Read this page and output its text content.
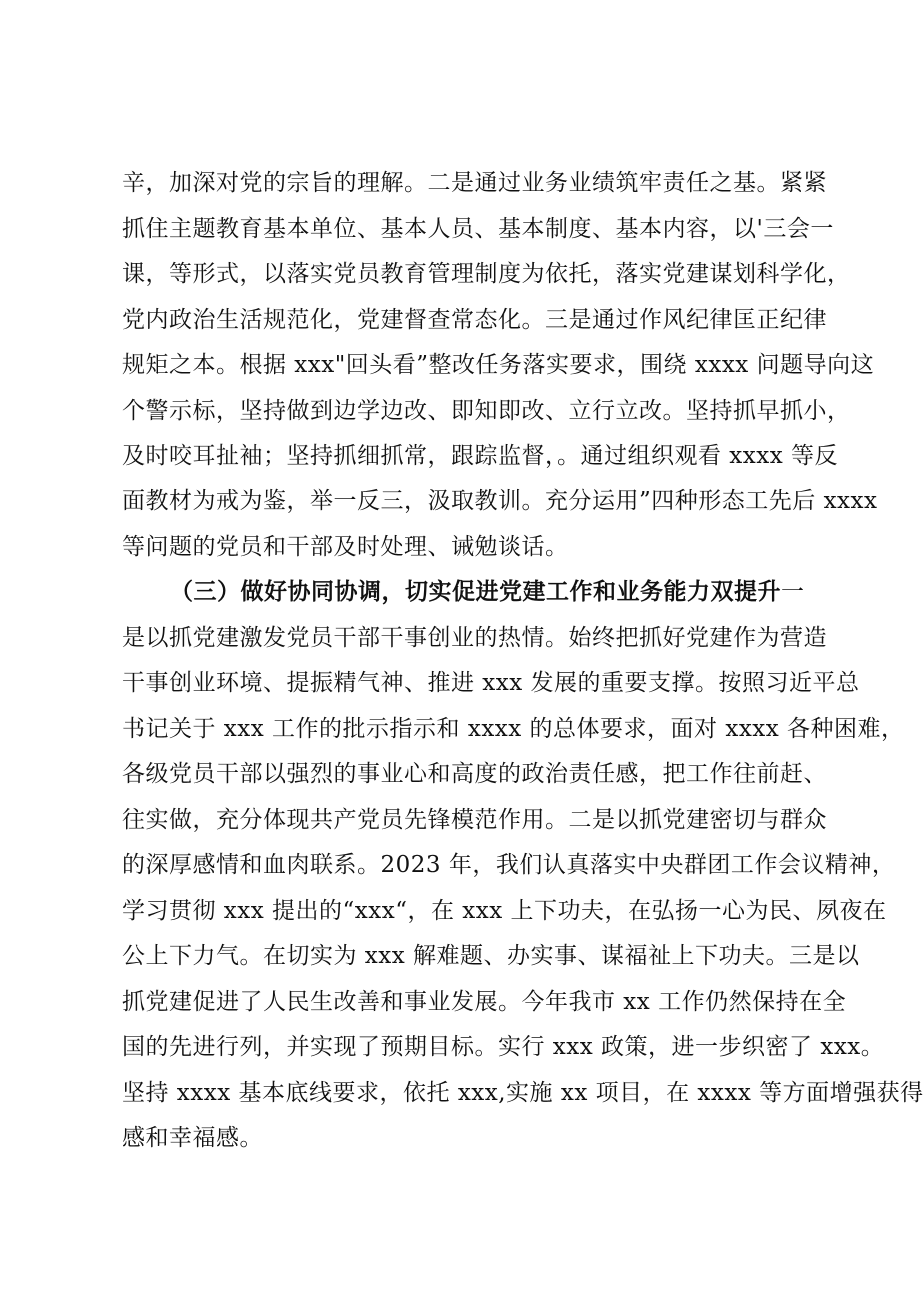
辛，加深对党的宗旨的理解。二是通过业务业绩筑牢责任之基。紧紧
抓住主题教育基本单位、基本人员、基本制度、基本内容，以'三会一
课，等形式，以落实党员教育管理制度为依托，落实党建谋划科学化，
党内政治生活规范化，党建督查常态化。三是通过作风纪律匡正纪律
规矩之本。根据 xxx"回头看”整改任务落实要求，围绕 xxxx 问题导向这
个警示标，坚持做到边学边改、即知即改、立行立改。坚持抓早抓小，
及时咬耳扯袖；坚持抓细抓常，跟踪监督，。通过组织观看 xxxx 等反
面教材为戒为鉴，举一反三，汲取教训。充分运用”四种形态工先后 xxxx
等问题的党员和干部及时处理、诫勉谈话。
（三）做好协同协调，切实促进党建工作和业务能力双提升一
是以抓党建激发党员干部干事创业的热情。始终把抓好党建作为营造
干事创业环境、提振精气神、推进 xxx 发展的重要支撑。按照习近平总
书记关于 xxx 工作的批示指示和 xxxx 的总体要求，面对 xxxx 各种困难，
各级党员干部以强烈的事业心和高度的政治责任感，把工作往前赶、
往实做，充分体现共产党员先锋模范作用。二是以抓党建密切与群众
的深厚感情和血肉联系。2023 年，我们认真落实中央群团工作会议精神，
学习贯彻 xxx 提出的“xxx“，在 xxx 上下功夫，在弘扬一心为民、夙夜在
公上下力气。在切实为 xxx 解难题、办实事、谋福祉上下功夫。三是以
抓党建促进了人民生改善和事业发展。今年我市 xx 工作仍然保持在全
国的先进行列，并实现了预期目标。实行 xxx 政策，进一步织密了 xxx。
坚持 xxxx 基本底线要求，依托 xxx,实施 xx 项目，在 xxxx 等方面增强获得
感和幸福感。
